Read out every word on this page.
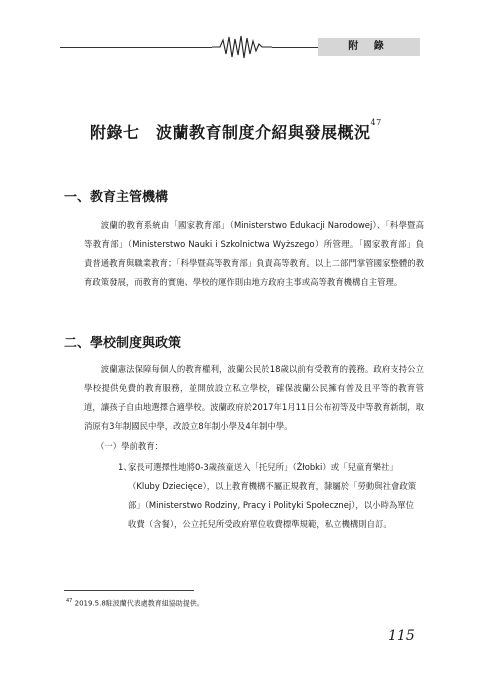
附 錄
附錄七　波蘭教育制度介紹與發展概況$^{47}$
一、教育主管機構

波蘭的教育系統由「國家教育部」（Ministerstwo Edukacji Narodowej）、「科學暨高等教育部」（Ministerstwo Nauki i Szkolnictwa Wyższego）所管理。「國家教育部」負責普通教育與職業教育；「科學暨高等教育部」負責高等教育。以上二部門掌管國家整體的教育政策發展，而教育的實施、學校的運作則由地方政府主事或高等教育機構自主管理。

二、學校制度與政策

波蘭憲法保障每個人的教育權利，波蘭公民於18歲以前有受教育的義務。政府支持公立學校提供免費的教育服務，並開放設立私立學校，確保波蘭公民擁有普及且平等的教育管道，讓孩子自由地選擇合適學校。波蘭政府於2017年1月11日公布初等及中等教育新制，取消原有3年制國民中學，改設立8年制小學及4年制中學。

（一）學前教育：
1、
家長可選擇性地將0-3歲孩童送入「托兒所」（Żłobki）或「兒童育樂社」（Kluby Dziecięce），以上教育機構不屬正規教育，隸屬於「勞動與社會政策部」（Ministerstwo Rodziny, Pracy i Polityki Społecznej），以小時為單位收費（含餐），公立托兒所受政府單位收費標準規範，私立機構則自訂。
$^{47}$ 2019.5.8駐波蘭代表處教育組協助提供。
115
